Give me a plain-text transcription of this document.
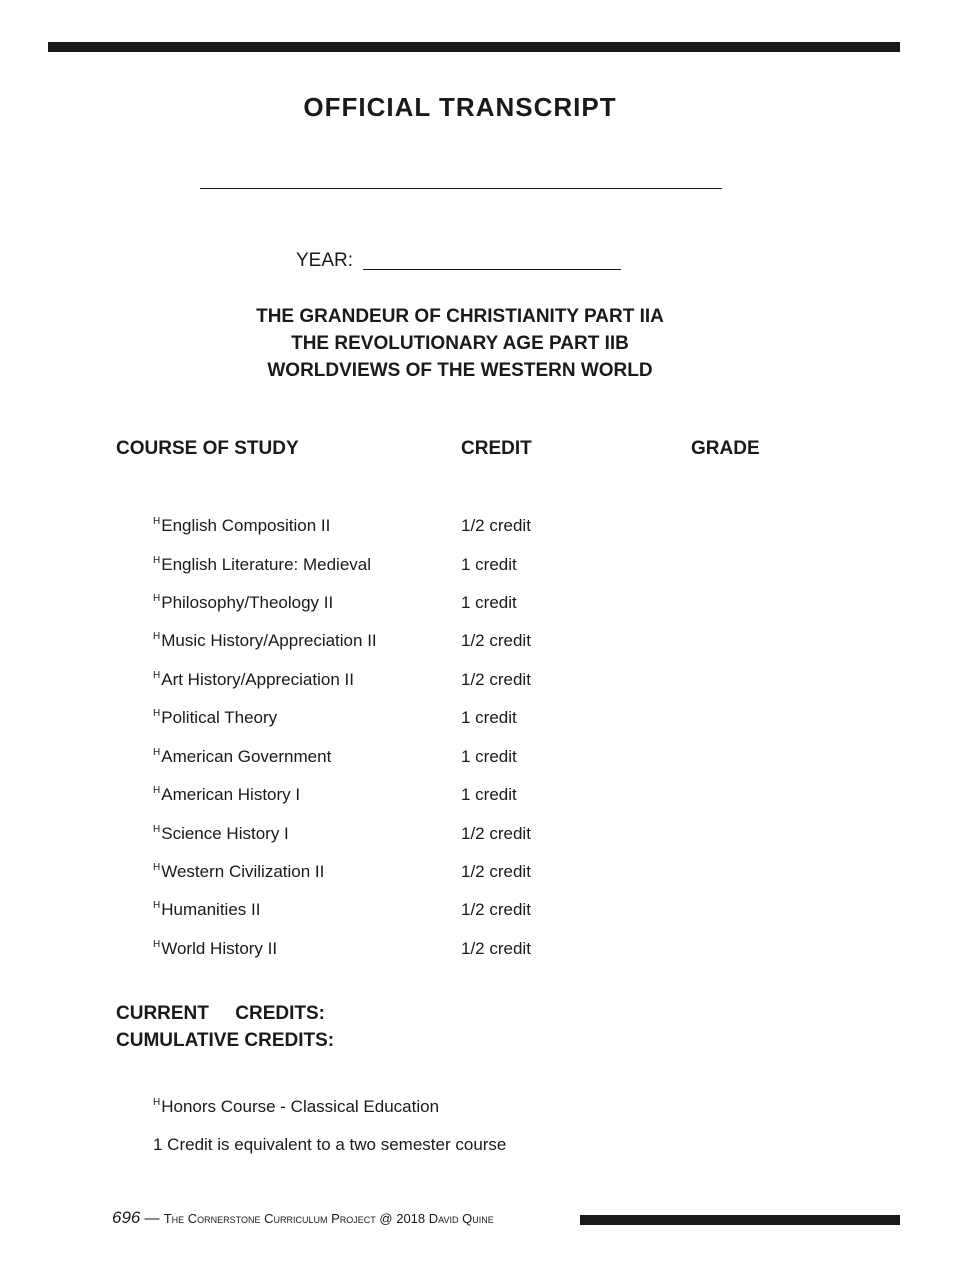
OFFICIAL TRANSCRIPT
YEAR:
THE GRANDEUR OF CHRISTIANITY PART IIA
THE REVOLUTIONARY AGE PART IIB
WORLDVIEWS OF THE WESTERN WORLD
COURSE OF STUDY	CREDIT	GRADE
$^H$English Composition II	1/2 credit
$^H$English Literature: Medieval	1 credit
$^H$Philosophy/Theology II	1 credit
$^H$Music History/Appreciation II	1/2 credit
$^H$Art History/Appreciation II	1/2 credit
$^H$Political Theory	1 credit
$^H$American Government	1 credit
$^H$American History I	1 credit
$^H$Science History I	1/2 credit
$^H$Western Civilization II	1/2 credit
$^H$Humanities II	1/2 credit
$^H$World History II	1/2 credit
CURRENT     CREDITS:
CUMULATIVE CREDITS:
$^H$Honors Course - Classical Education
1 Credit is equivalent to a two semester course
696 — The Cornerstone Curriculum Project @ 2018 David Quine
